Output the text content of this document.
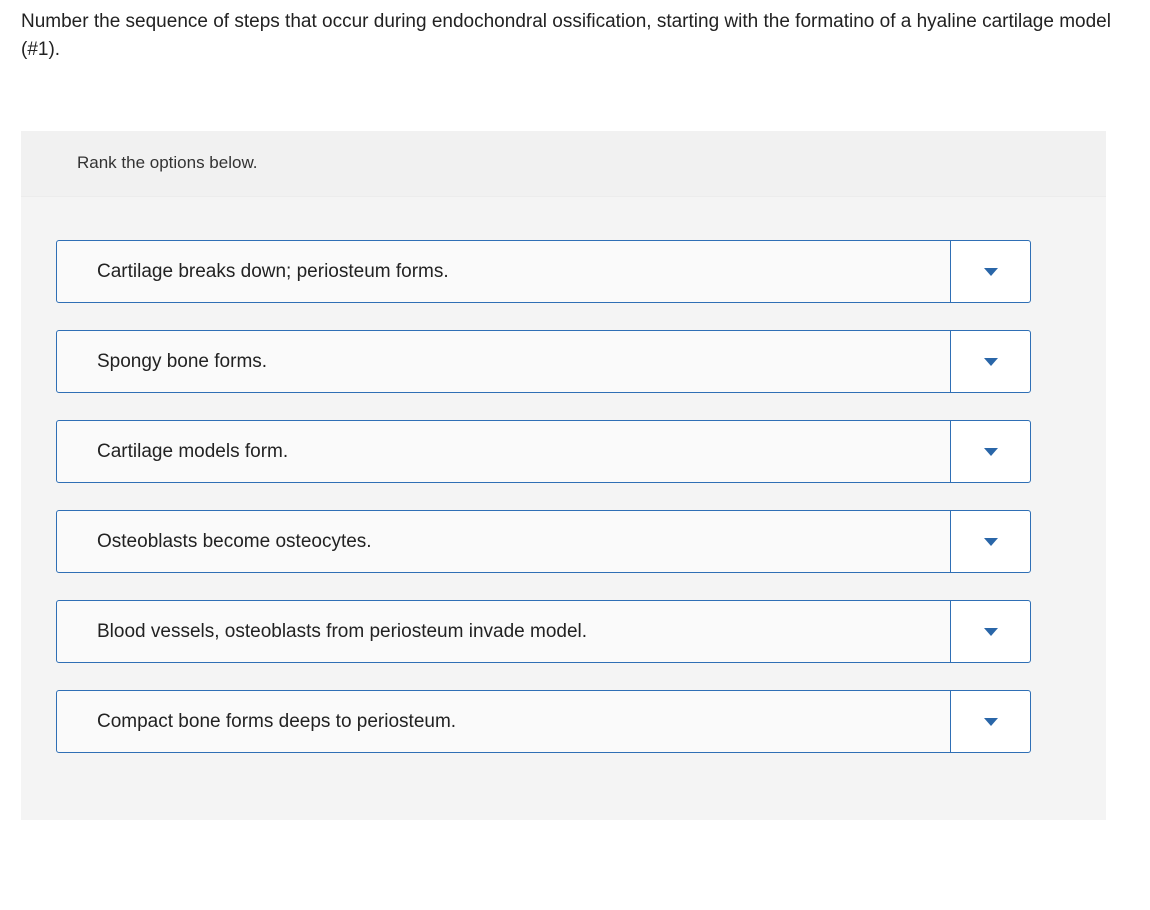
Number the sequence of steps that occur during endochondral ossification, starting with the formatino of a hyaline cartilage model (#1).
Rank the options below.
Cartilage breaks down; periosteum forms.
Spongy bone forms.
Cartilage models form.
Osteoblasts become osteocytes.
Blood vessels, osteoblasts from periosteum invade model.
Compact bone forms deeps to periosteum.
